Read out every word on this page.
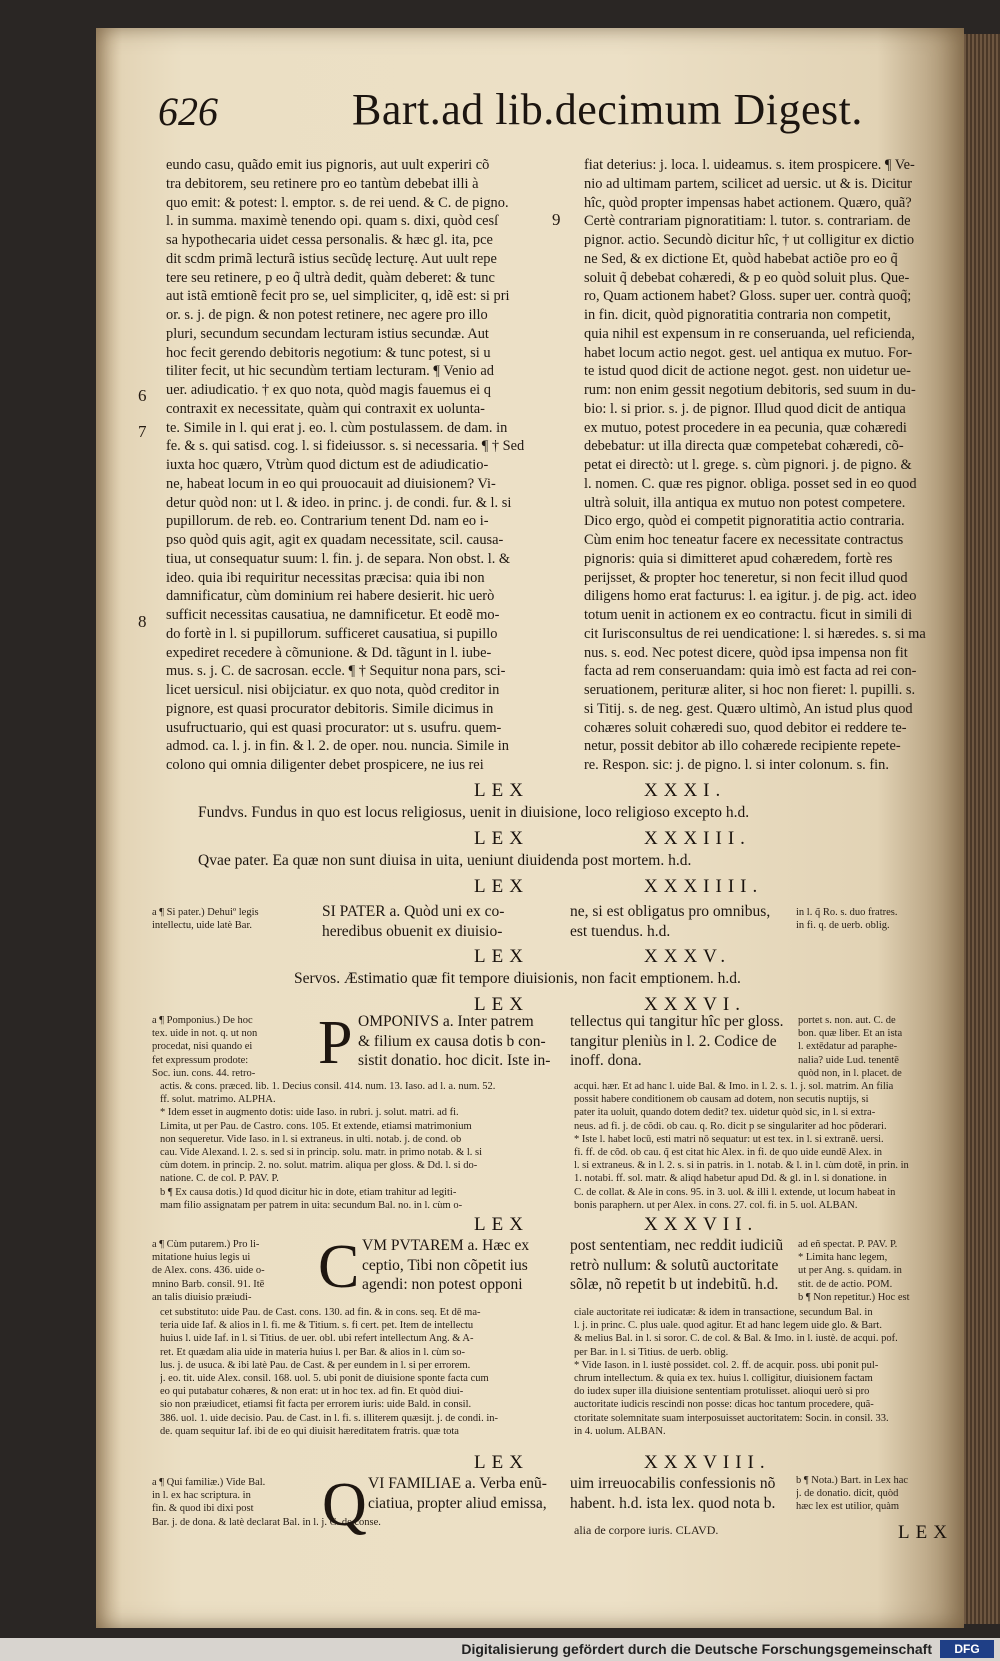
626	Bart.ad lib.decimum Digest.
eundo casu, quãdo emit ius pignoris, aut uult experiri cõ
tra debitorem, seu retinere pro eo tantùm debebat illi à
quo emit: & potest: l. emptor. s. de rei uend. & C. de pigno.
l. in summa. maximè tenendo opi. quam s. dixi, quòd cesſ
sa hypothecaria uidet cessa personalis. & hæc gl. ita, pce
dit scdm primã lecturã istius secũdę lecturę. Aut uult repe
tere seu retinere, p eo q̃ ultrà dedit, quàm deberet: & tunc
aut istã emtionẽ fecit pro se, uel simpliciter, q, idẽ est: si pri
or. s. j. de pign. & non potest retinere, nec agere pro illo
pluri, secundum secundam lecturam istius secundæ. Aut
hoc fecit gerendo debitoris negotium: & tunc potest, si u
tiliter fecit, ut hic secundùm tertiam lecturam. ¶ Venio ad
uer. adiudicatio. † ex quo nota, quòd magis fauemus ei q
contraxit ex necessitate, quàm qui contraxit ex uolunta-
te. Simile in l. qui erat j. eo. l. cùm postulassem. de dam. in
fe. & s. qui satisd. cog. l. si fideiussor. s. si necessaria. ¶ † Sed
iuxta hoc quæro, Vtrùm quod dictum est de adiudicatio-
ne, habeat locum in eo qui prouocauit ad diuisionem? Vi-
detur quòd non: ut l. & ideo. in princ. j. de condi. fur. & l. si
pupillorum. de reb. eo. Contrarium tenent Dd. nam eo i-
pso quòd quis agit, agit ex quadam necessitate, scil. causa-
tiua, ut consequatur suum: l. fin. j. de separa. Non obst. l. &
ideo. quia ibi requiritur necessitas præcisa: quia ibi non
damnificatur, cùm dominium rei habere desierit. hic uerò
sufficit necessitas causatiua, ne damnificetur. Et eodẽ mo-
do fortè in l. si pupillorum. sufficeret causatiua, si pupillo
expediret recedere à cõmunione. & Dd. tãgunt in l. iube-
mus. s. j. C. de sacrosan. eccle. ¶ † Sequitur nona pars, sci-
licet uersicul. nisi obijciatur. ex quo nota, quòd creditor in
pignore, est quasi procurator debitoris. Simile dicimus in
usufructuario, qui est quasi procurator: ut s. usufru. quem-
admod. ca. l. j. in fin. & l. 2. de oper. nou. nuncia. Simile in
colono qui omnia diligenter debet prospicere, ne ius rei
fiat deterius: j. loca. l. uideamus. s. item prospicere. ¶ Ve-
nio ad ultimam partem, scilicet ad uersic. ut & is. Dicitur
hîc, quòd propter impensas habet actionem. Quæro, quã?
Certè contrariam pignoratitiam: l. tutor. s. contrariam. de
pignor. actio. Secundò dicitur hîc, † ut colligitur ex dictio
ne Sed, & ex dictione Et, quòd habebat actiõe pro eo q̃
soluit q̃ debebat cohæredi, & p eo quòd soluit plus. Que-
ro, Quam actionem habet? Gloss. super uer. contrà quoq̃;
in fin. dicit, quòd pignoratitia contraria non competit,
quia nihil est expensum in re conseruanda, uel reficienda,
habet locum actio negot. gest. uel antiqua ex mutuo. For-
te istud quod dicit de actione negot. gest. non uidetur ue-
rum: non enim gessit negotium debitoris, sed suum in du-
bio: l. si prior. s. j. de pignor. Illud quod dicit de antiqua
ex mutuo, potest procedere in ea pecunia, quæ cohæredi
debebatur: ut illa directa quæ competebat cohæredi, cõ-
petat ei directò: ut l. grege. s. cùm pignori. j. de pigno. &
l. nomen. C. quæ res pignor. obliga. posset sed in eo quod
ultrà soluit, illa antiqua ex mutuo non potest competere.
Dico ergo, quòd ei competit pignoratitia actio contraria.
Cùm enim hoc teneatur facere ex necessitate contractus
pignoris: quia si dimitteret apud cohæredem, fortè res
perijsset, & propter hoc teneretur, si non fecit illud quod
diligens homo erat facturus: l. ea igitur. j. de pig. act. ideo
totum uenit in actionem ex eo contractu. ficut in simili di
cit Iurisconsultus de rei uendicatione: l. si hæredes. s. si ma
nus. s. eod. Nec potest dicere, quòd ipsa impensa non fit
facta ad rem conseruandam: quia imò est facta ad rei con-
seruationem, perituræ aliter, si hoc non fieret: l. pupilli. s.
si Titij. s. de neg. gest. Quæro ultimò, An istud plus quod
cohæres soluit cohæredi suo, quod debitor ei reddere te-
netur, possit debitor ab illo cohærede recipiente repete-
re. Respon. sic: j. de pigno. l. si inter colonum. s. fin.
9
6
7
8
LEX	XXXI.
Fundvs. Fundus in quo est locus religiosus, uenit in diuisione, loco religioso excepto h.d.
LEX	XXXIII.
Qvae pater. Ea quæ non sunt diuisa in uita, ueniunt diuidenda post mortem. h.d.
LEX	XXXIIII.
a ¶ Si pater.) Dehuiº legis
intellectu, uide latè Bar.
SI PATER a. Quòd uni ex co-
heredibus obuenit ex diuisio-
ne, si est obligatus pro omnibus,
est tuendus. h.d.
in l. q̃ Ro. s. duo fratres.
in fi. q. de uerb. oblig.
LEX	XXXV.
Servos. Æstimatio quæ fit tempore diuisionis, non facit emptionem. h.d.
LEX	XXXVI.
a ¶ Pomponius.) De hoc
tex. uide in not. q. ut non
procedat, nisi quando ei
fet expressum prodote:
Soc. iun. cons. 44. retro-	P OMPONIVS a. Inter patrem
& filium ex causa dotis b con-
sistit donatio. hoc dicit. Iste in-
tellectus qui tangitur hîc per gloss.
tangitur pleniùs in l. 2. Codice de
inoff. dona.
portet s. non. aut. C. de
bon. quæ liber. Et an ista
l. extēdatur ad paraphe-
nalia? uide Lud. tenentē
quòd non, in l. placet. de
actis. & cons. præced. lib. 1. Decius consil. 414. num. 13. Iaso. ad l. a. num. 52.
ff. solut. matrimo. ALPHA.
* Idem esset in augmento dotis: uide Iaso. in rubri. j. solut. matri. ad fi.
Limita, ut per Pau. de Castro. cons. 105. Et extende, etiamsi matrimonium
non sequeretur. Vide Iaso. in l. si extraneus. in ulti. notab. j. de cond. ob
cau. Vide Alexand. l. 2. s. sed si in princip. solu. matr. in primo notab. & l. si
cùm dotem. in princip. 2. no. solut. matrim. aliqua per gloss. & Dd. l. si do-
natione. C. de col. P. PAV. P.
b ¶ Ex causa dotis.) Id quod dicitur hic in dote, etiam trahitur ad legiti-
mam filio assignatam per patrem in uita: secundum Bal. no. in l. cùm o-
acqui. hær. Et ad hanc l. uide Bal. & Imo. in l. 2. s. 1. j. sol. matrim. An filia
possit habere conditionem ob causam ad dotem, non secutis nuptijs, si
pater ita uoluit, quando dotem dedit? tex. uidetur quòd sic, in l. si extra-
neus. ad fi. j. de cõdi. ob cau. q. Ro. dicit p se singulariter ad hoc põderari.
* Iste l. habet locū, esti matri nō sequatur: ut est tex. in l. si extranē. uersi.
fi. ff. de cõd. ob cau. q̃ est citat hic Alex. in fi. de quo uide eundē Alex. in
l. si extraneus. & in l. 2. s. si in patris. in 1. notab. & l. in l. cùm dotē, in prin. in
1. notabi. ff. sol. matr. & aliqd habetur apud Dd. & gl. in l. si donatione. in
C. de collat. & Ale in cons. 95. in 3. uol. & illi l. extende, ut locum habeat in
bonis paraphern. ut per Alex. in cons. 27. col. fi. in 5. uol. ALBAN.
LEX	XXXVII.
a ¶ Cùm putarem.) Pro li-
mitatione huius legis ui
de Alex. cons. 436. uide o-
mnino Barb. consil. 91. Itē
an talis diuisio præiudi-	C VM PVTAREM a. Hæc ex
ceptio, Tibi non cõpetit ius
agendi: non potest opponi
post sententiam, nec reddit iudiciũ
retrò nullum: & solutũ auctoritate
sõlæ, nõ repetit b ut indebitũ. h.d.
ad eñ spectat. P. PAV. P.
* Limita hanc legem,
ut per Ang. s. quidam. in
stit. de de actio. POM.
b ¶ Non repetitur.) Hoc est
cet substituto: uide Pau. de Cast. cons. 130. ad fin. & in cons. seq. Et dē ma-
teria uide Iaf. & alios in l. fi. me & Titium. s. fi cert. pet. Item de intellectu
huius l. uide Iaf. in l. si Titius. de uer. obl. ubi refert intellectum Ang. & A-
ret. Et quædam alia uide in materia huius l. per Bar. & alios in l. cùm so-
lus. j. de usuca. & ibi latè Pau. de Cast. & per eundem in l. si per errorem.
j. eo. tit. uide Alex. consil. 168. uol. 5. ubi ponit de diuisione sponte facta cum
eo qui putabatur cohæres, & non erat: ut in hoc tex. ad fin. Et quòd diui-
sio non præiudicet, etiamsi fit facta per errorem iuris: uide Bald. in consil.
386. uol. 1. uide decisio. Pau. de Cast. in l. fi. s. illiterem quæsijt. j. de condi. in-
de. quam sequitur Iaf. ibi de eo qui diuisit hæreditatem fratris. quæ tota
ciale auctoritate rei iudicatæ: & idem in transactione, secundum Bal. in
l. j. in princ. C. plus uale. quod agitur. Et ad hanc legem uide glo. & Bart.
& melius Bal. in l. si soror. C. de col. & Bal. & Imo. in l. iustè. de acqui. pof.
per Bar. in l. si Titius. de uerb. oblig.
* Vide Iason. in l. iustè possidet. col. 2. ff. de acquir. poss. ubi ponit pul-
chrum intellectum. & quia ex tex. huius l. colligitur, diuisionem factam
do iudex super illa diuisione sententiam protulisset. alioqui uerò si pro
auctoritate iudicis rescindi non posse: dicas hoc tantum procedere, quã-
ctoritate solemnitate suam interposuisset auctoritatem: Socin. in consil. 33.
in 4. uolum. ALBAN.
LEX	XXXVIII.
a ¶ Qui familiæ.) Vide Bal.
in l. ex hac scriptura. in
fin. & quod ibi dixi post
Bar. j. de dona. & latè declarat Bal. in l. j. C. de conse.
Q VI FAMILIAE a. Verba enũ-
ciatiua, propter aliud emissa,
uim irreuocabilis confessionis nõ
habent. h.d. ista lex. quod nota b.
b ¶ Nota.) Bart. in Lex hac
j. de donatio. dicit, quòd
hæc lex est utilior, quàm
alia de corpore iuris. CLAVD.	LEX
Digitalisierung gefördert durch die Deutsche Forschungsgemeinschaft	DFG
